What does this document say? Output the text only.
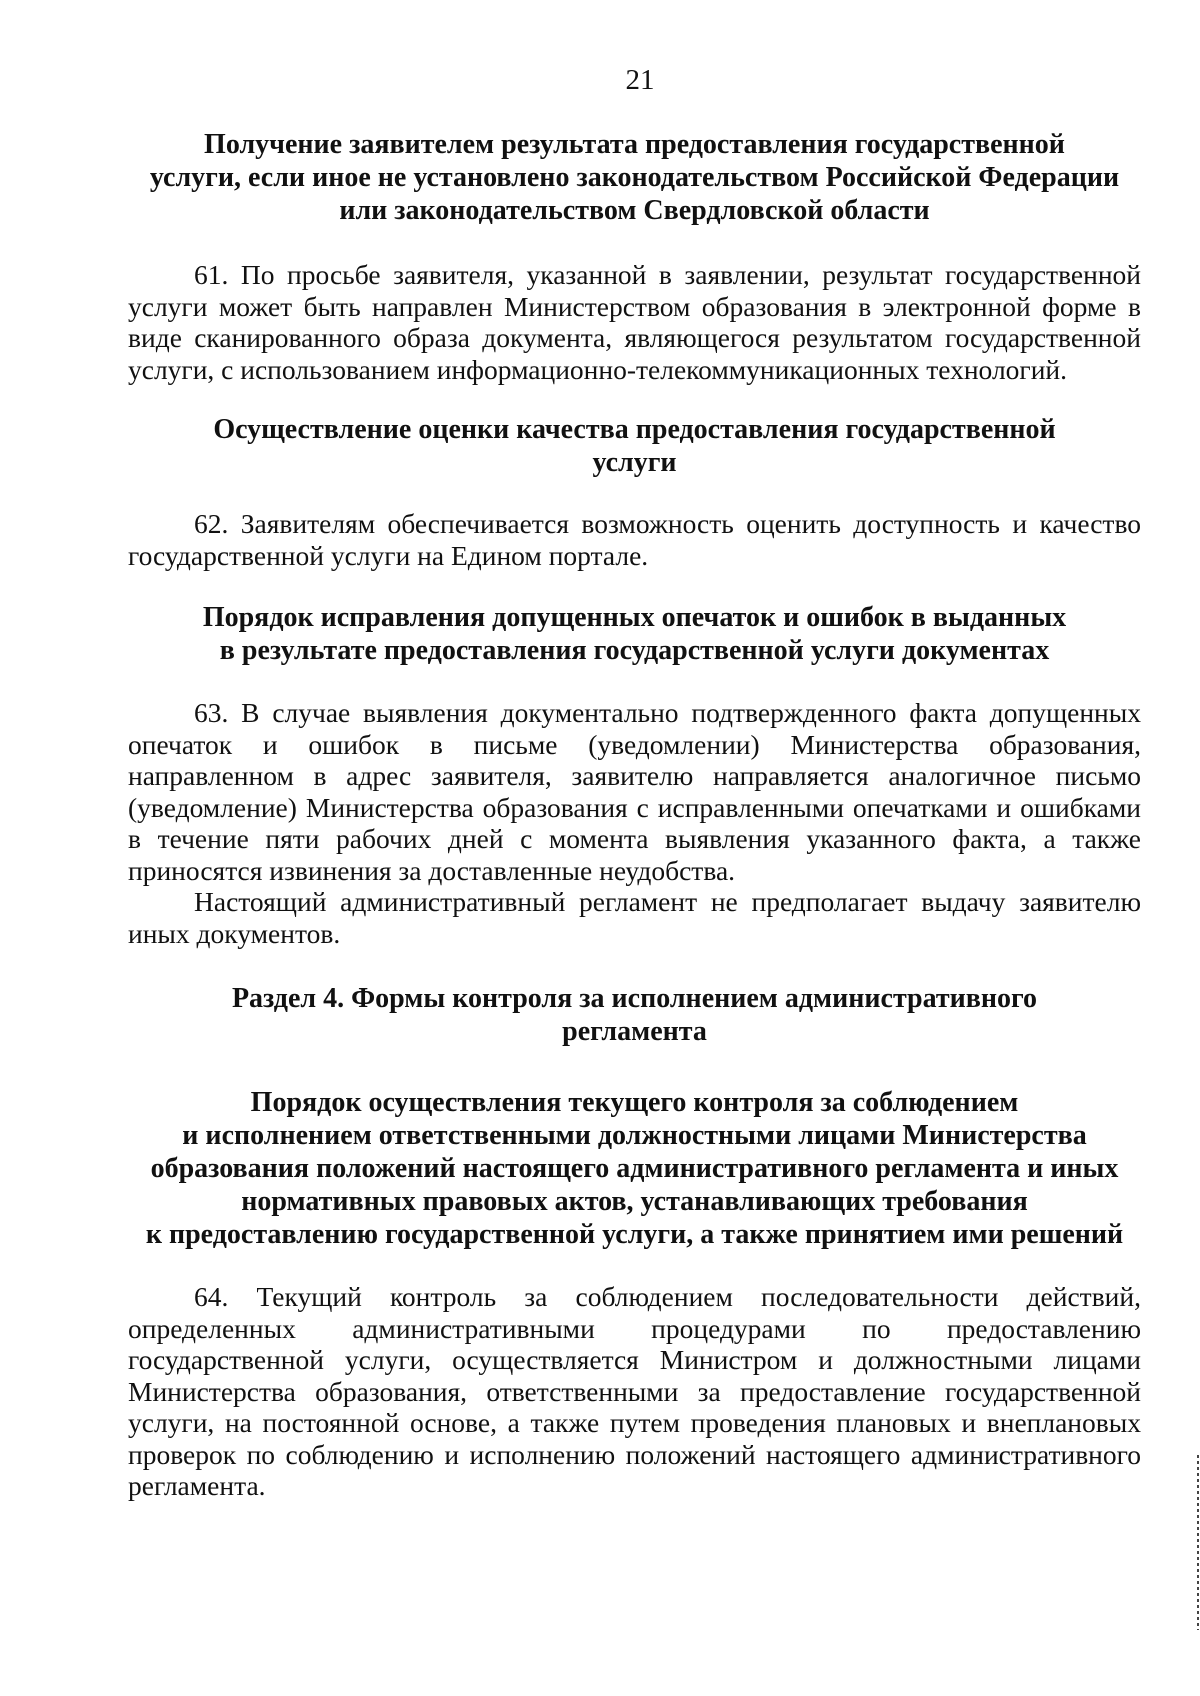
21
Получение заявителем результата предоставления государственной
услуги, если иное не установлено законодательством Российской Федерации
или законодательством Свердловской области

61. По просьбе заявителя, указанной в заявлении, результат государственной услуги может быть направлен Министерством образования в электронной форме в виде сканированного образа документа, являющегося результатом государственной услуги, с использованием информационно-телекоммуникационных технологий.

Осуществление оценки качества предоставления государственной
услуги

62. Заявителям обеспечивается возможность оценить доступность и качество государственной услуги на Едином портале.

Порядок исправления допущенных опечаток и ошибок в выданных
в результате предоставления государственной услуги документах

63. В случае выявления документально подтвержденного факта допущенных опечаток и ошибок в письме (уведомлении) Министерства образования, направленном в адрес заявителя, заявителю направляется аналогичное письмо (уведомление) Министерства образования с исправленными опечатками и ошибками в течение пяти рабочих дней с момента выявления указанного факта, а также приносятся извинения за доставленные неудобства.

Настоящий административный регламент не предполагает выдачу заявителю иных документов.

Раздел 4. Формы контроля за исполнением административного
регламента
Порядок осуществления текущего контроля за соблюдением
и исполнением ответственными должностными лицами Министерства
образования положений настоящего административного регламента и иных
нормативных правовых актов, устанавливающих требования
к предоставлению государственной услуги, а также принятием ими решений

64. Текущий контроль за соблюдением последовательности действий, определенных административными процедурами по предоставлению государственной услуги, осуществляется Министром и должностными лицами Министерства образования, ответственными за предоставление государственной услуги, на постоянной основе, а также путем проведения плановых и внеплановых проверок по соблюдению и исполнению положений настоящего административного регламента.
